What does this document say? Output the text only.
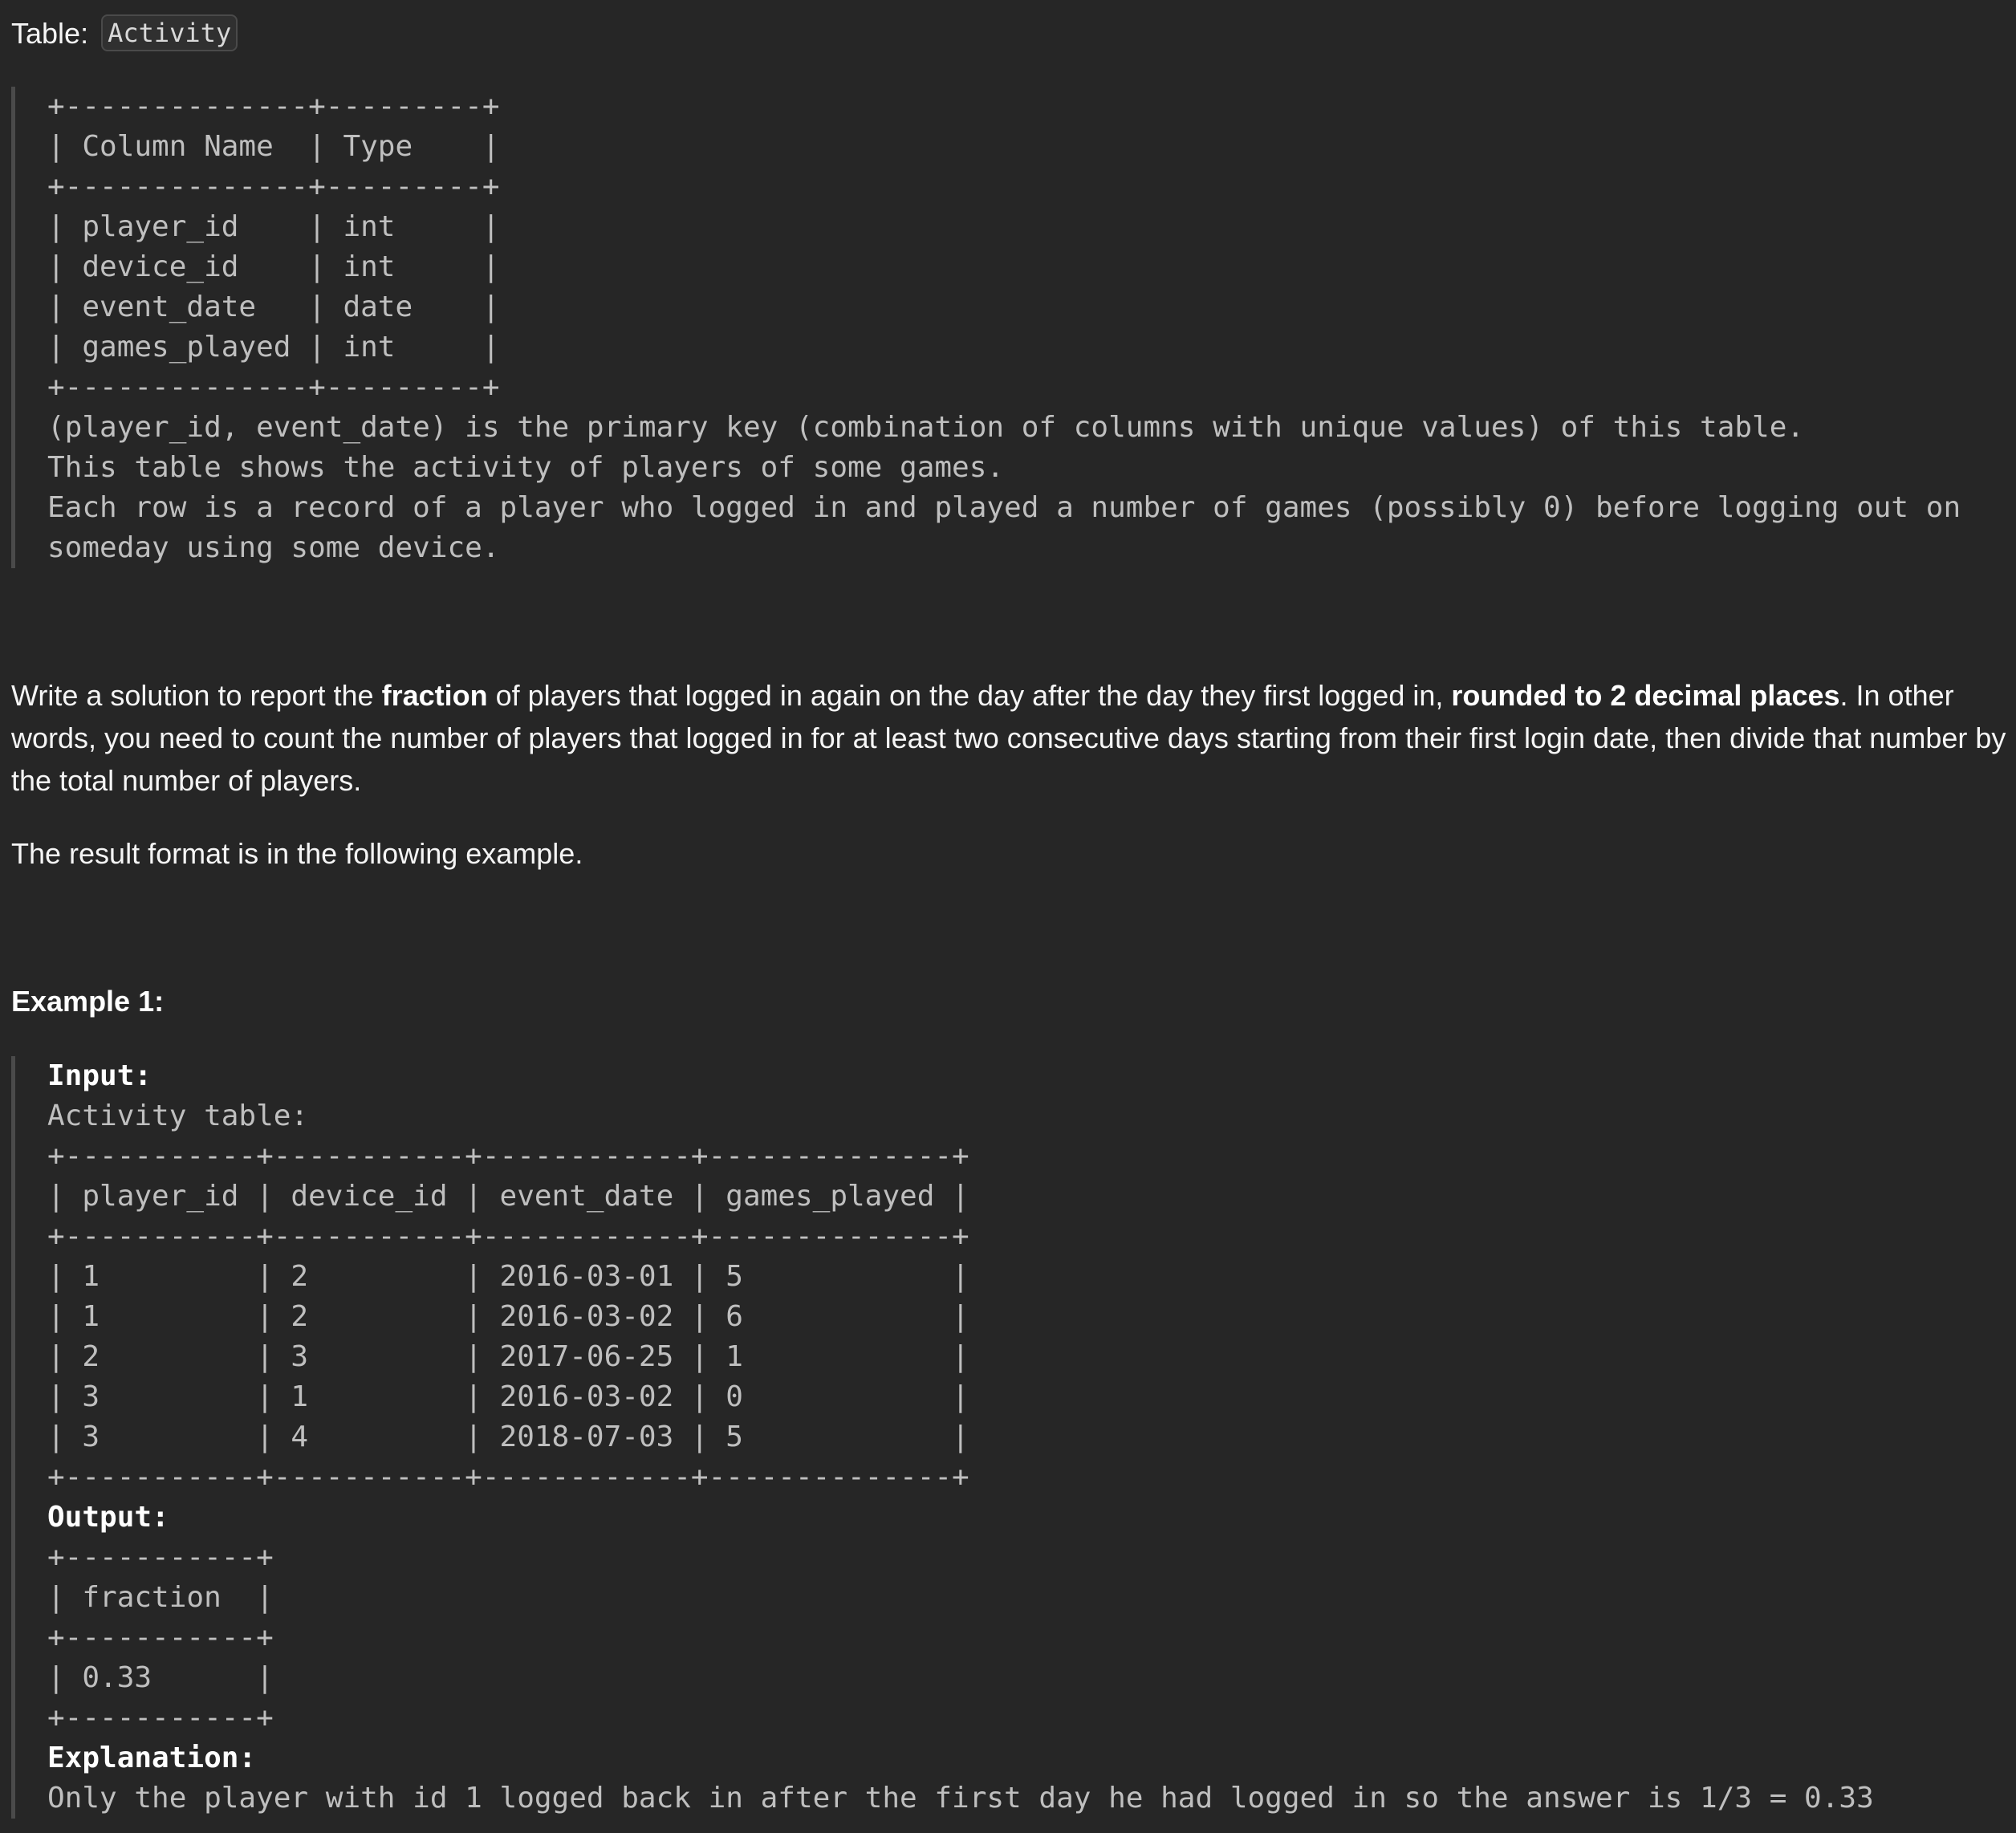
Table: Activity
+--------------+---------+
| Column Name  | Type    |
+--------------+---------+
| player_id    | int     |
| device_id    | int     |
| event_date   | date    |
| games_played | int     |
+--------------+---------+
(player_id, event_date) is the primary key (combination of columns with unique values) of this table.
This table shows the activity of players of some games.
Each row is a record of a player who logged in and played a number of games (possibly 0) before logging out on
someday using some device.
Write a solution to report the fraction of players that logged in again on the day after the day they first logged in, rounded to 2 decimal places. In other words, you need to count the number of players that logged in for at least two consecutive days starting from their first login date, then divide that number by the total number of players.
The result format is in the following example.
Example 1:
Input:
Activity table:
+-----------+-----------+------------+--------------+
| player_id | device_id | event_date | games_played |
+-----------+-----------+------------+--------------+
| 1         | 2         | 2016-03-01 | 5            |
| 1         | 2         | 2016-03-02 | 6            |
| 2         | 3         | 2017-06-25 | 1            |
| 3         | 1         | 2016-03-02 | 0            |
| 3         | 4         | 2018-07-03 | 5            |
+-----------+-----------+------------+--------------+
Output:
+-----------+
| fraction  |
+-----------+
| 0.33      |
+-----------+
Explanation:
Only the player with id 1 logged back in after the first day he had logged in so the answer is 1/3 = 0.33
